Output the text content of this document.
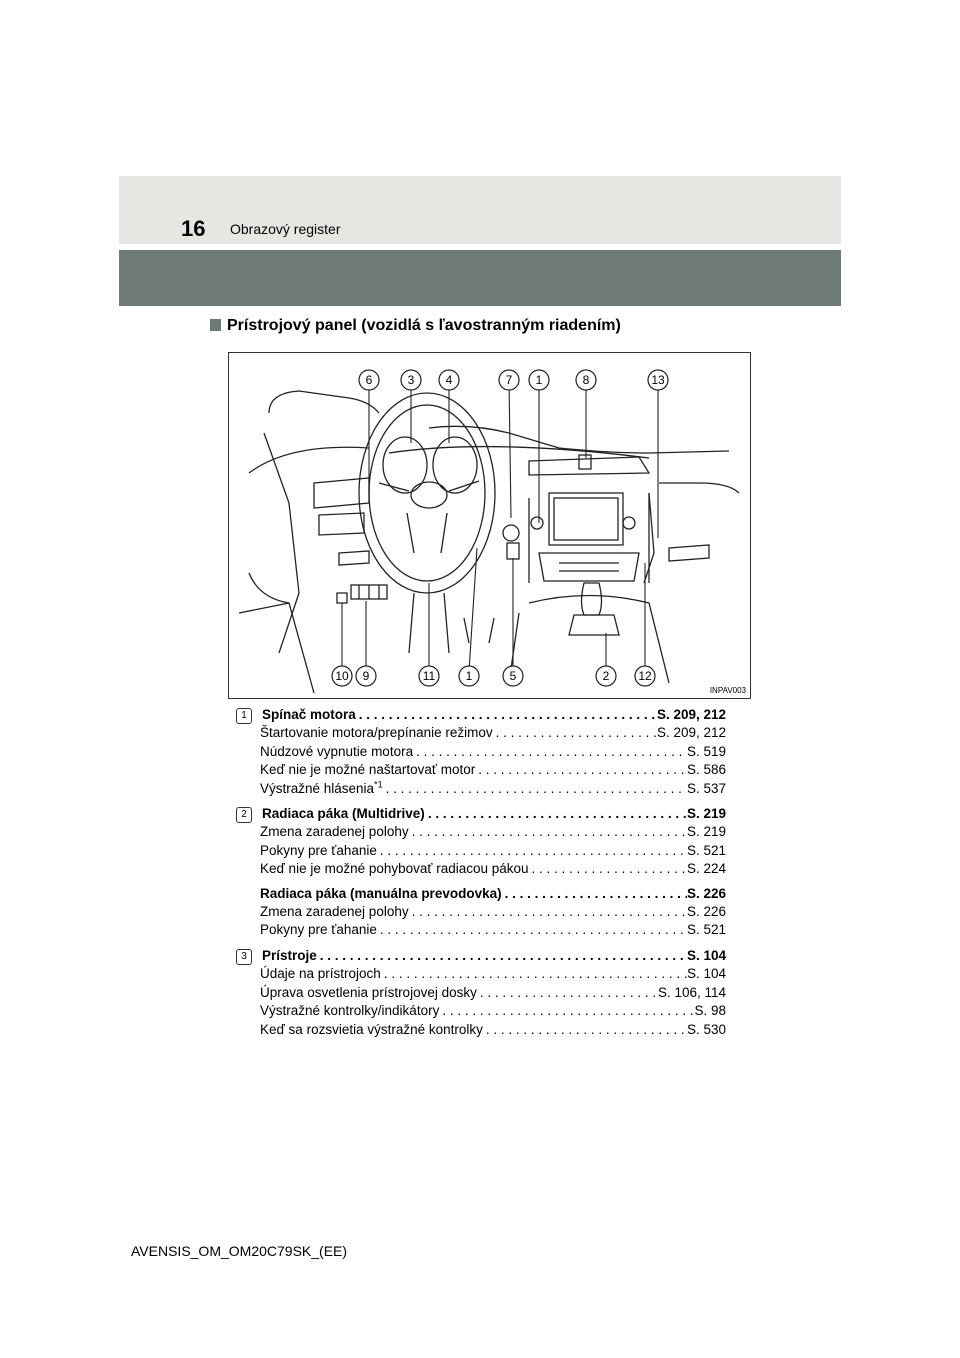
16 Obrazový register
Prístrojový panel (vozidlá s ľavostranným riadením)
6	3	4	7 1	8	13
10 9	11	1	5	2 12
INPAV003
1 Spínač motora . . .	S. 209, 212
Štartovanie motora/prepínanie režimov . . .	S. 209, 212
Núdzové vypnutie motora . . .	S. 519
Keď nie je možné naštartovať motor . . .	S. 586
Výstražné hlásenia$^{*1}$ . . .	S. 537
2 Radiaca páka (Multidrive) . . .	S. 219
Zmena zaradenej polohy . . .	S. 219
Pokyny pre ťahanie . . .	S. 521
Keď nie je možné pohybovať radiacou pákou . . .	S. 224
Radiaca páka (manuálna prevodovka) . . .	S. 226
Zmena zaradenej polohy . . .	S. 226
Pokyny pre ťahanie . . .	S. 521
3 Prístroje . . .	S. 104
Údaje na prístrojoch . . .	S. 104
Úprava osvetlenia prístrojovej dosky . . .	S. 106, 114
Výstražné kontrolky/indikátory . . .	S. 98
Keď sa rozsvietia výstražné kontrolky . . .	S. 530
AVENSIS_OM_OM20C79SK_(EE)
